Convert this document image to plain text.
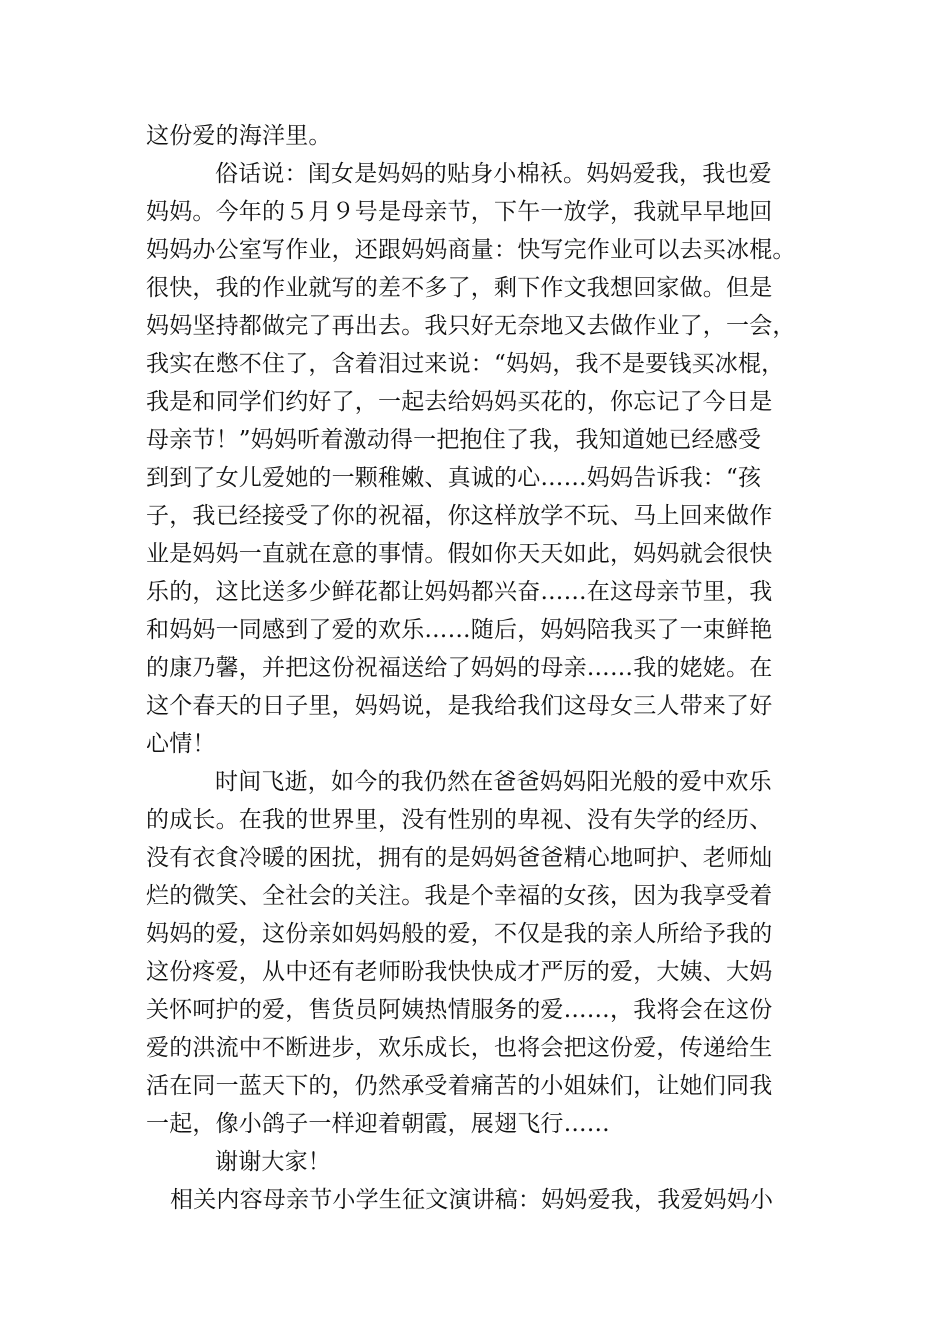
这份爱的海洋里。
俗话说：闺女是妈妈的贴身小棉袄。妈妈爱我，我也爱
妈妈。今年的５月９号是母亲节，下午一放学，我就早早地回
妈妈办公室写作业，还跟妈妈商量：快写完作业可以去买冰棍。
很快，我的作业就写的差不多了，剩下作文我想回家做。但是
妈妈坚持都做完了再出去。我只好无奈地又去做作业了，一会，
我实在憋不住了，含着泪过来说：“妈妈，我不是要钱买冰棍，
我是和同学们约好了，一起去给妈妈买花的，你忘记了今日是
母亲节！”妈妈听着激动得一把抱住了我，我知道她已经感受
到到了女儿爱她的一颗稚嫩、真诚的心……妈妈告诉我：“孩
子，我已经接受了你的祝福，你这样放学不玩、马上回来做作
业是妈妈一直就在意的事情。假如你天天如此，妈妈就会很快
乐的，这比送多少鲜花都让妈妈都兴奋……在这母亲节里，我
和妈妈一同感到了爱的欢乐……随后，妈妈陪我买了一束鲜艳
的康乃馨，并把这份祝福送给了妈妈的母亲……我的姥姥。在
这个春天的日子里，妈妈说，是我给我们这母女三人带来了好
心情！
时间飞逝，如今的我仍然在爸爸妈妈阳光般的爱中欢乐
的成长。在我的世界里，没有性别的卑视、没有失学的经历、
没有衣食冷暖的困扰，拥有的是妈妈爸爸精心地呵护、老师灿
烂的微笑、全社会的关注。我是个幸福的女孩，因为我享受着
妈妈的爱，这份亲如妈妈般的爱，不仅是我的亲人所给予我的
这份疼爱，从中还有老师盼我快快成才严厉的爱，大姨、大妈
关怀呵护的爱，售货员阿姨热情服务的爱……，我将会在这份
爱的洪流中不断进步，欢乐成长，也将会把这份爱，传递给生
活在同一蓝天下的，仍然承受着痛苦的小姐妹们，让她们同我
一起，像小鸽子一样迎着朝霞，展翅飞行……
谢谢大家！
相关内容母亲节小学生征文演讲稿：妈妈爱我，我爱妈妈小
